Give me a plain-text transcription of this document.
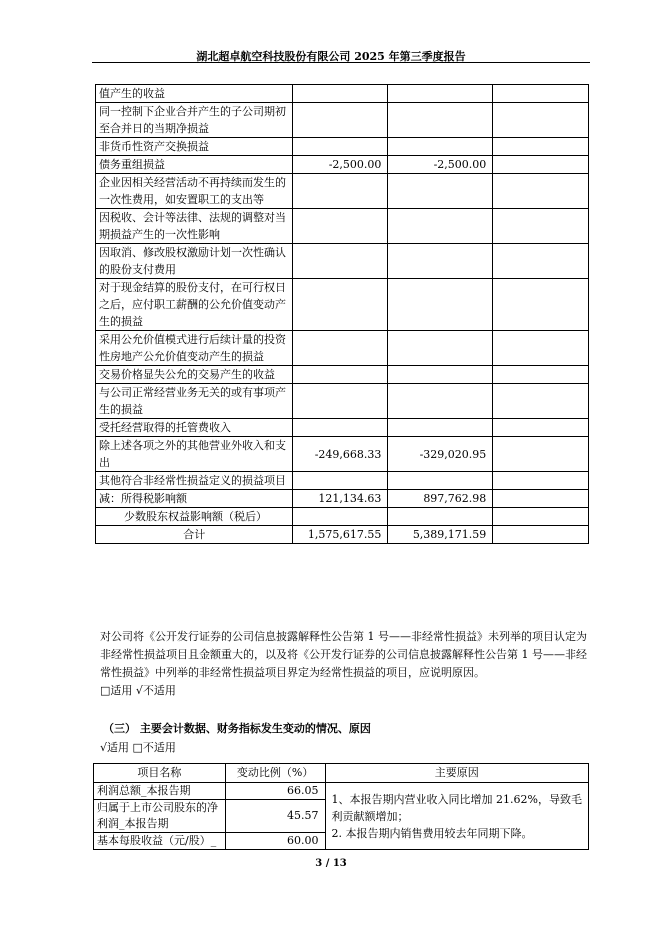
湖北超卓航空科技股份有限公司 2025 年第三季度报告
值产生的收益			
同一控制下企业合并产生的子公司期初至合并日的当期净损益			
非货币性资产交换损益			
债务重组损益	-2,500.00	-2,500.00	
企业因相关经营活动不再持续而发生的一次性费用，如安置职工的支出等			
因税收、会计等法律、法规的调整对当期损益产生的一次性影响			
因取消、修改股权激励计划一次性确认的股份支付费用			
对于现金结算的股份支付，在可行权日之后，应付职工薪酬的公允价值变动产生的损益			
采用公允价值模式进行后续计量的投资性房地产公允价值变动产生的损益			
交易价格显失公允的交易产生的收益			
与公司正常经营业务无关的或有事项产生的损益			
受托经营取得的托管费收入			
除上述各项之外的其他营业外收入和支出	-249,668.33	-329,020.95	
其他符合非经常性损益定义的损益项目			
减：所得税影响额	121,134.63	897,762.98	
少数股东权益影响额（税后）			
合计	1,575,617.55	5,389,171.59	

对公司将《公开发行证券的公司信息披露解释性公告第 1 号——非经常性损益》未列举的项目认定为非经常性损益项目且金额重大的，以及将《公开发行证券的公司信息披露解释性公告第 1 号——非经常性损益》中列举的非经常性损益项目界定为经常性损益的项目，应说明原因。

□适用 √不适用

（三） 主要会计数据、财务指标发生变动的情况、原因
√适用 □不适用
项目名称	变动比例（%）	主要原因
利润总额_本报告期	66.05	1、本报告期内营业收入同比增加 21.62%，导致毛利贡献额增加；
2. 本报告期内销售费用较去年同期下降。

归属于上市公司股东的净利润_本报告期	45.57	
基本每股收益（元/股）_	60.00	
3 / 13
